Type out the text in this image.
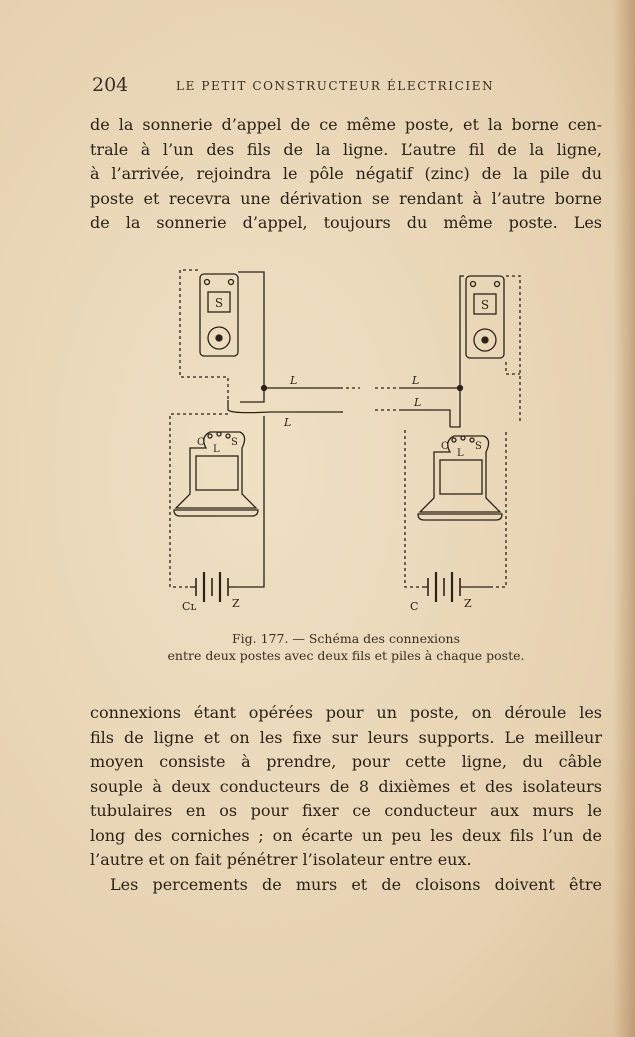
204	LE PETIT CONSTRUCTEUR ÉLECTRICIEN
de la sonnerie d’appel de ce même poste, et la borne cen-
trale à l’un des fils de la ligne. L’autre fil de la ligne,
à l’arrivée, rejoindra le pôle négatif (zinc) de la pile du
poste et recevra une dérivation se rendant à l’autre borne
de la sonnerie d’appel, toujours du même poste. Les
S
L
L
C
L
S
Cʟ	Z
S
L
L
C
L
S
C	Z
Fig. 177. — Schéma des connexions
entre deux postes avec deux fils et piles à chaque poste.
connexions étant opérées pour un poste, on déroule les
fils de ligne et on les fixe sur leurs supports. Le meilleur
moyen consiste à prendre, pour cette ligne, du câble
souple à deux conducteurs de 8 dixièmes et des isolateurs
tubulaires en os pour fixer ce conducteur aux murs le
long des corniches ; on écarte un peu les deux fils l’un de
l’autre et on fait pénétrer l’isolateur entre eux.
Les percements de murs et de cloisons doivent être
